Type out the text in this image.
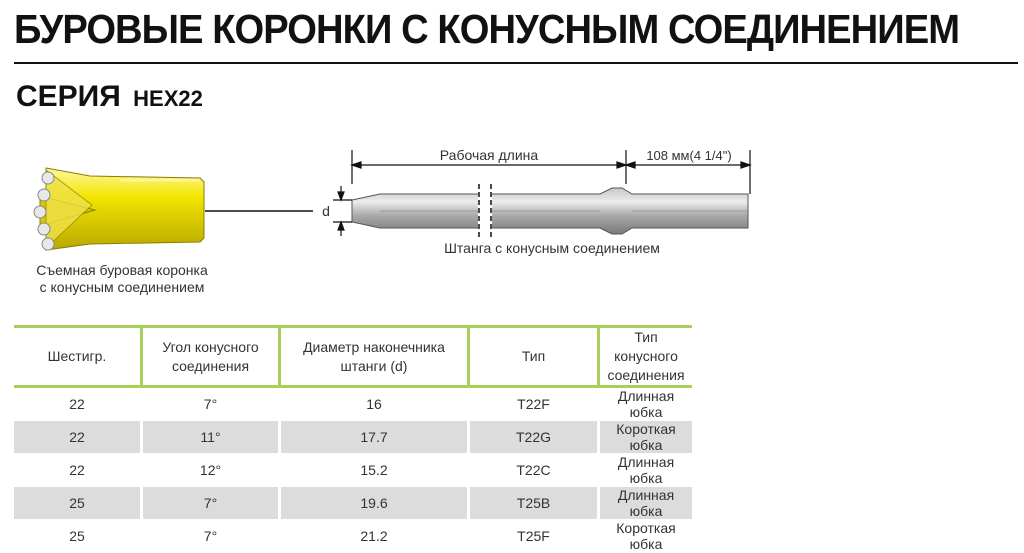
БУРОВЫЕ КОРОНКИ С КОНУСНЫМ СОЕДИНЕНИЕМ
СЕРИЯ HEX22
Рабочая длина	108 мм(4 1/4")
d
Штанга с конусным соединением
Съемная буровая коронка
с конусным соединением
Шестигр.	Угол конусного соединения	Диаметр наконечника штанги (d)	Тип	Тип конусного соединения
22	7°	16	T22F	Длинная юбка
22	11°	17.7	T22G	Короткая юбка
22	12°	15.2	T22C	Длинная юбка
25	7°	19.6	T25B	Длинная юбка
25	7°	21.2	T25F	Короткая юбка
